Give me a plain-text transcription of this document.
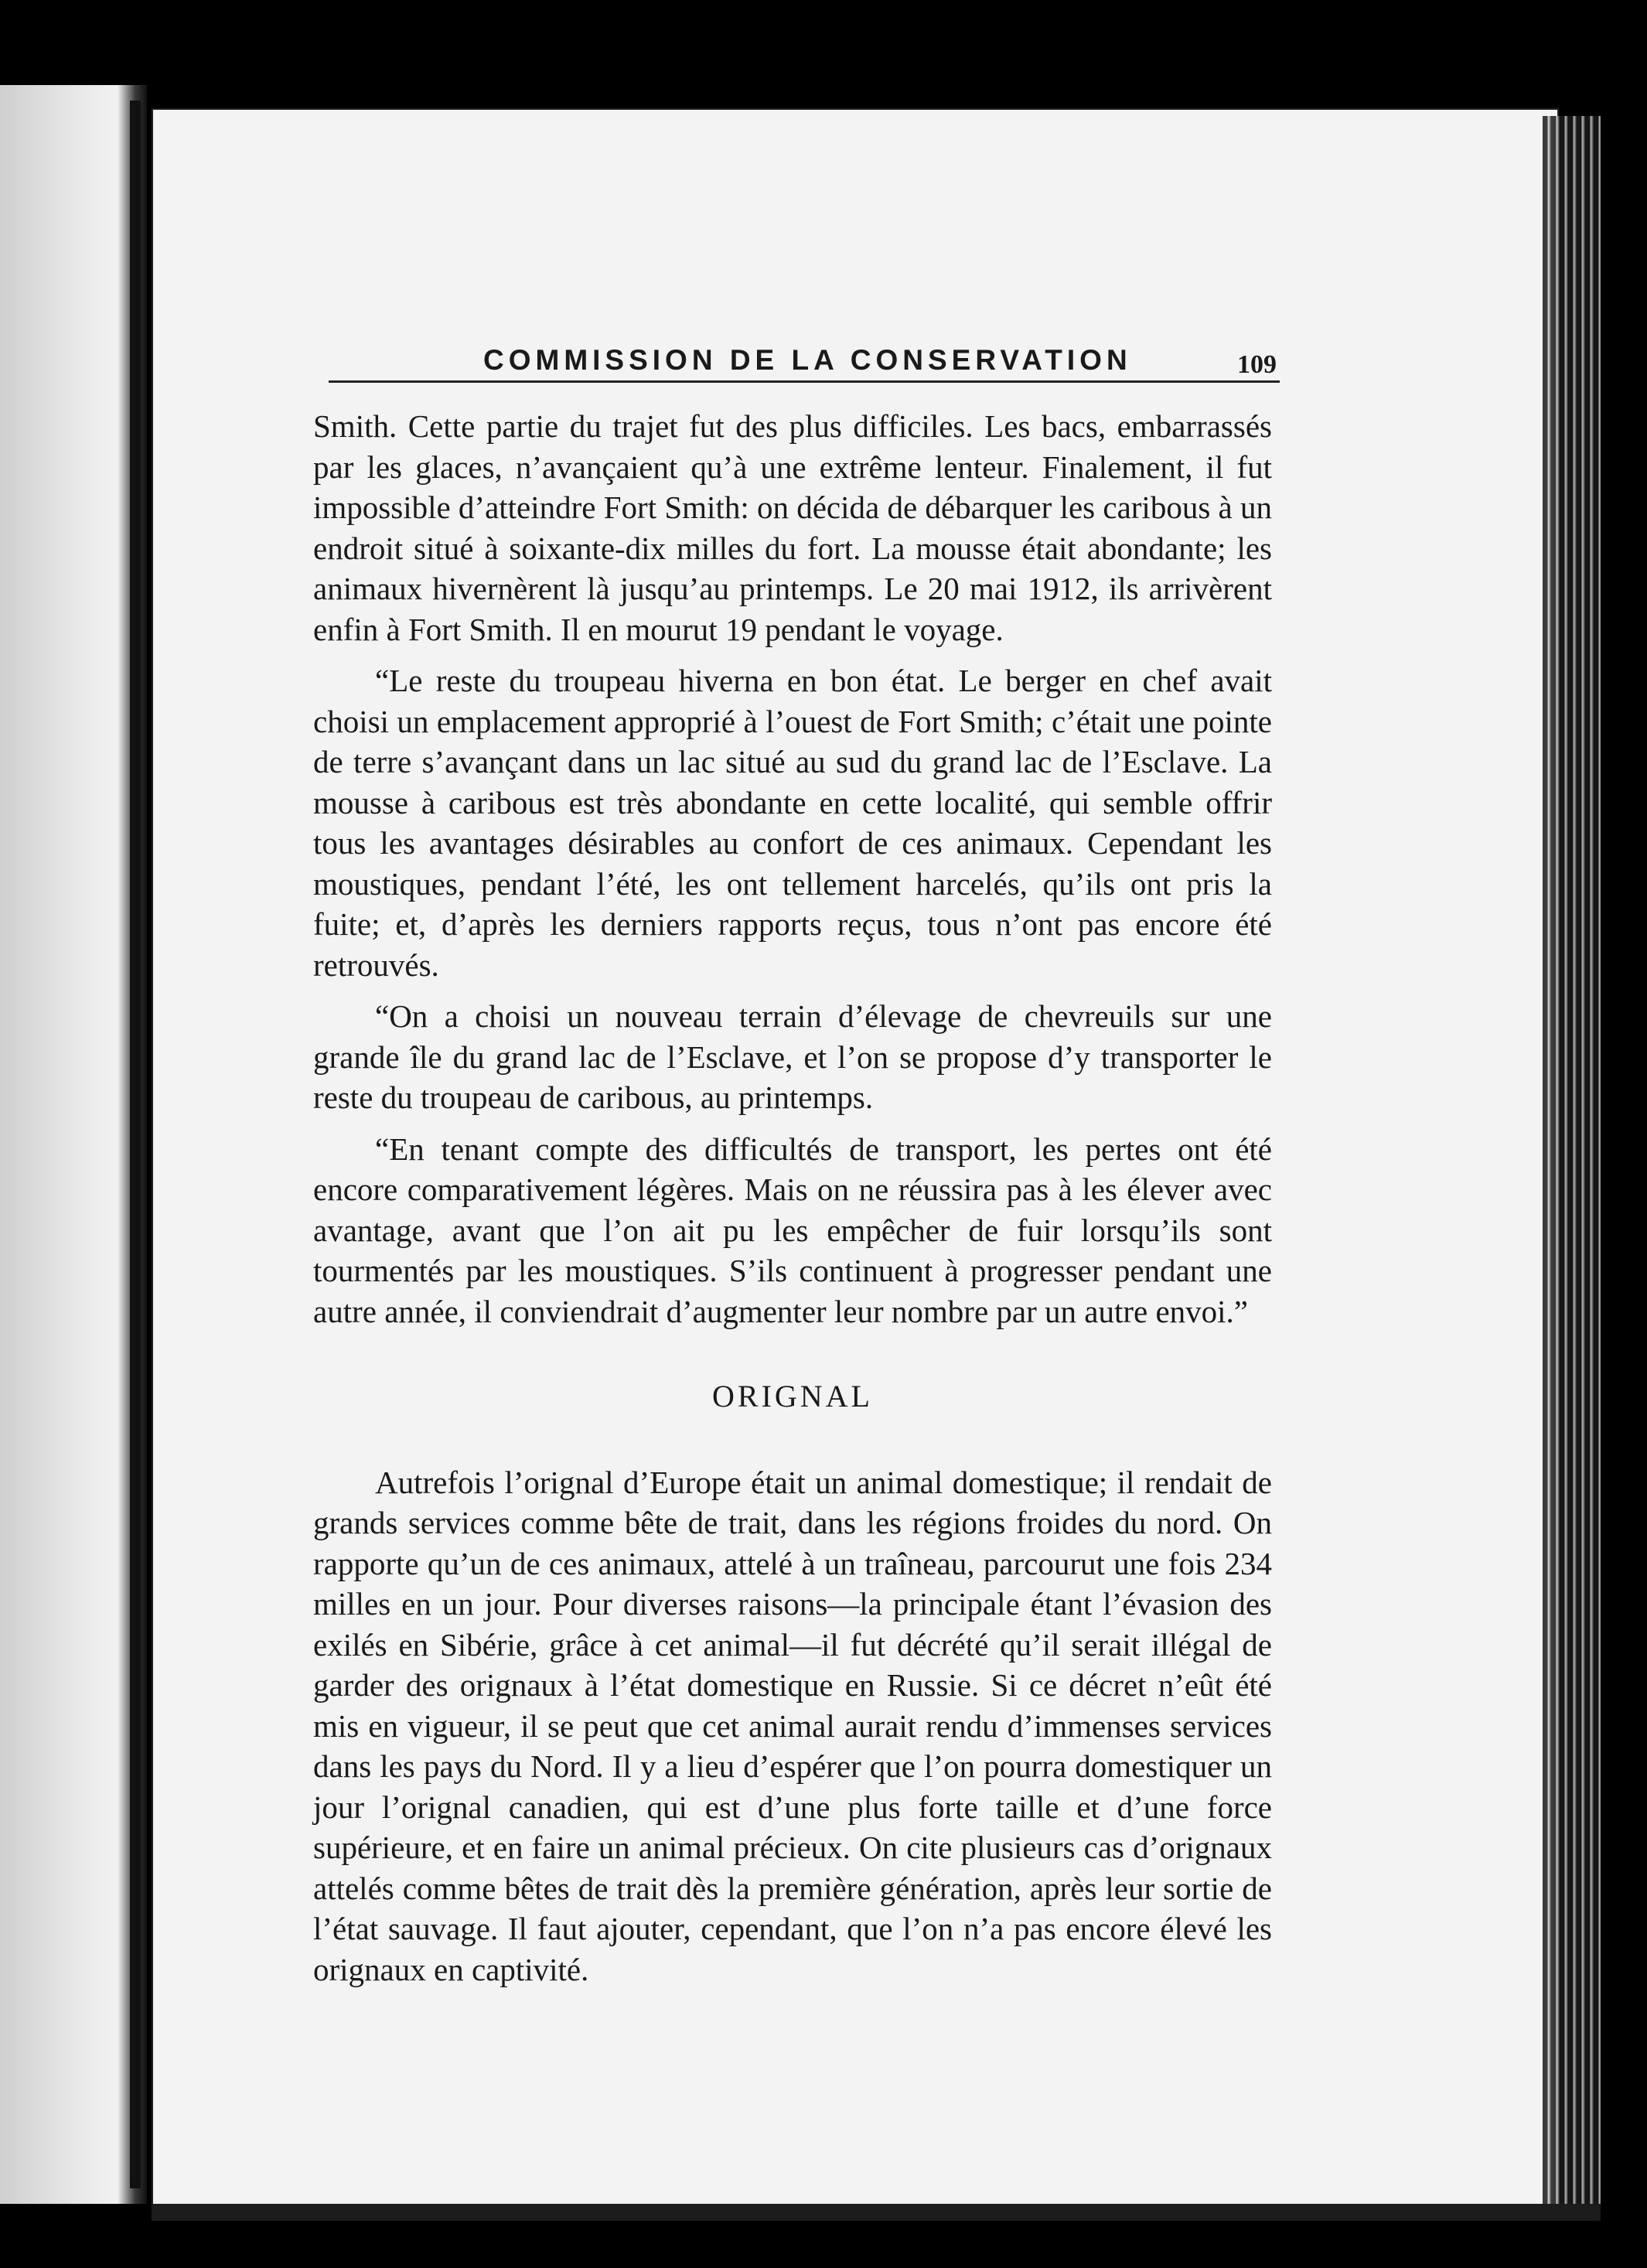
COMMISSION DE LA CONSERVATION	109

Smith. Cette partie du trajet fut des plus difficiles. Les bacs, embarrassés par les glaces, n’avançaient qu’à une extrême lenteur. Finalement, il fut impossible d’atteindre Fort Smith: on décida de débarquer les caribous à un endroit situé à soixante-dix milles du fort. La mousse était abondante; les animaux hivernèrent là jusqu’au printemps. Le 20 mai 1912, ils arrivèrent enfin à Fort Smith. Il en mourut 19 pendant le voyage.

“Le reste du troupeau hiverna en bon état. Le berger en chef avait choisi un emplacement approprié à l’ouest de Fort Smith; c’était une pointe de terre s’avançant dans un lac situé au sud du grand lac de l’Esclave. La mousse à caribous est très abondante en cette localité, qui semble offrir tous les avantages désirables au confort de ces animaux. Cependant les moustiques, pendant l’été, les ont tellement harcelés, qu’ils ont pris la fuite; et, d’après les derniers rapports reçus, tous n’ont pas encore été retrouvés.

“On a choisi un nouveau terrain d’élevage de chevreuils sur une grande île du grand lac de l’Esclave, et l’on se propose d’y transporter le reste du troupeau de caribous, au printemps.

“En tenant compte des difficultés de transport, les pertes ont été encore comparativement légères. Mais on ne réussira pas à les élever avec avantage, avant que l’on ait pu les empêcher de fuir lorsqu’ils sont tourmentés par les moustiques. S’ils continuent à progresser pendant une autre année, il conviendrait d’augmenter leur nombre par un autre envoi.”

ORIGNAL

Autrefois l’orignal d’Europe était un animal domestique; il rendait de grands services comme bête de trait, dans les régions froides du nord. On rapporte qu’un de ces animaux, attelé à un traîneau, parcourut une fois 234 milles en un jour. Pour diverses raisons—la principale étant l’évasion des exilés en Sibérie, grâce à cet animal—il fut décrété qu’il serait illégal de garder des orignaux à l’état domestique en Russie. Si ce décret n’eût été mis en vigueur, il se peut que cet animal aurait rendu d’immenses services dans les pays du Nord. Il y a lieu d’espérer que l’on pourra domestiquer un jour l’orignal canadien, qui est d’une plus forte taille et d’une force supérieure, et en faire un animal précieux. On cite plusieurs cas d’orignaux attelés comme bêtes de trait dès la première génération, après leur sortie de l’état sauvage. Il faut ajouter, cependant, que l’on n’a pas encore élevé les orignaux en captivité.
